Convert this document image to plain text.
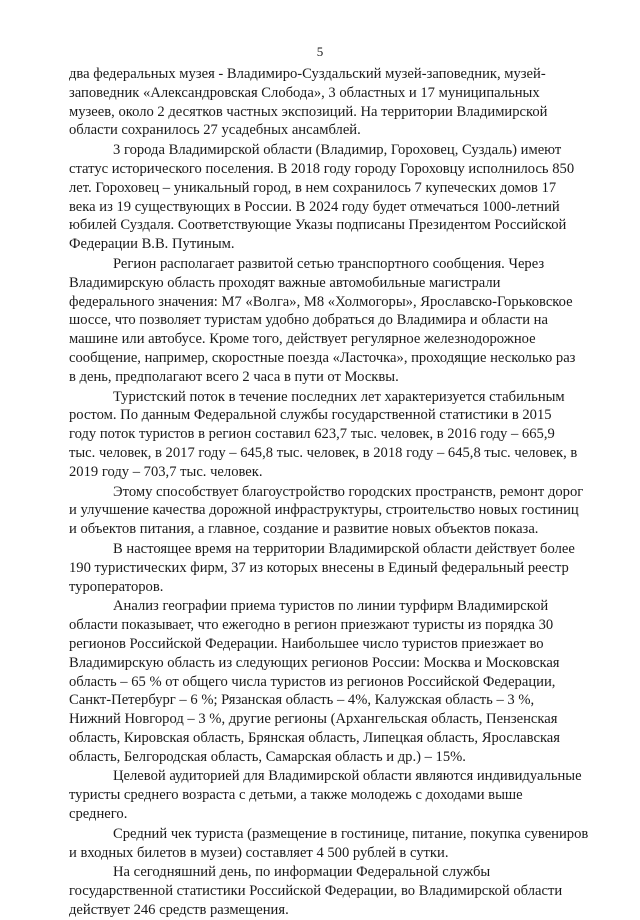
5

два федеральных музея - Владимиро-Суздальский музей-заповедник, музей-
заповедник «Александровская Слобода», 3 областных и 17 муниципальных
музеев, около 2 десятков частных экспозиций. На территории Владимирской
области сохранилось 27 усадебных ансамблей.

3 города Владимирской области (Владимир, Гороховец, Суздаль) имеют
статус исторического поселения. В 2018 году городу Гороховцу исполнилось 850
лет. Гороховец – уникальный город, в нем сохранилось 7 купеческих домов 17
века из 19 существующих в России. В 2024 году будет отмечаться 1000-летний
юбилей Суздаля. Соответствующие Указы подписаны Президентом Российской
Федерации В.В. Путиным.

Регион располагает развитой сетью транспортного сообщения. Через
Владимирскую область проходят важные автомобильные магистрали
федерального значения: М7 «Волга», М8 «Холмогоры», Ярославско-Горьковское
шоссе, что позволяет туристам удобно добраться до Владимира и области на
машине или автобусе. Кроме того, действует регулярное железнодорожное
сообщение, например, скоростные поезда «Ласточка», проходящие несколько раз
в день, предполагают всего 2 часа в пути от Москвы.

Туристский поток в течение последних лет характеризуется стабильным
ростом. По данным Федеральной службы государственной статистики в 2015
году поток туристов в регион составил 623,7 тыс. человек, в 2016 году – 665,9
тыс. человек, в 2017 году – 645,8 тыс. человек, в 2018 году – 645,8 тыс. человек, в
2019 году – 703,7 тыс. человек.

Этому способствует благоустройство городских пространств, ремонт дорог
и улучшение качества дорожной инфраструктуры, строительство новых гостиниц
и объектов питания, а главное, создание и развитие новых объектов показа.

В настоящее время на территории Владимирской области действует более
190 туристических фирм, 37 из которых внесены в Единый федеральный реестр
туроператоров.

Анализ географии приема туристов по линии турфирм Владимирской
области показывает, что ежегодно в регион приезжают туристы из порядка 30
регионов Российской Федерации. Наибольшее число туристов приезжает во
Владимирскую область из следующих регионов России: Москва и Московская
область – 65 % от общего числа туристов из регионов Российской Федерации,
Санкт-Петербург – 6 %; Рязанская область – 4%, Калужская область – 3 %,
Нижний Новгород – 3 %, другие регионы (Архангельская область, Пензенская
область, Кировская область, Брянская область, Липецкая область, Ярославская
область, Белгородская область, Самарская область и др.) – 15%.

Целевой аудиторией для Владимирской области являются индивидуальные
туристы среднего возраста с детьми, а также молодежь с доходами выше
среднего.

Средний чек туриста (размещение в гостинице, питание, покупка сувениров
и входных билетов в музеи) составляет 4 500 рублей в сутки.

На сегодняшний день, по информации Федеральной службы
государственной статистики Российской Федерации, во Владимирской области
действует 246 средств размещения.
